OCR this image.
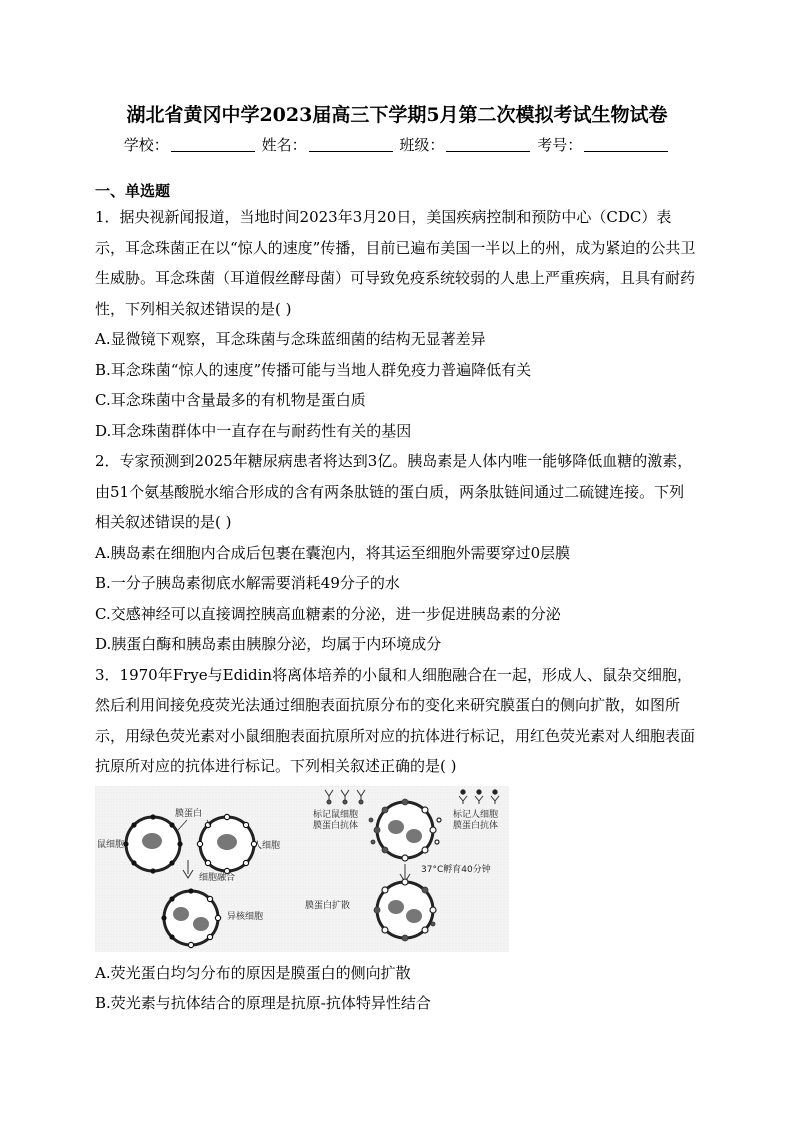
湖北省黄冈中学2023届高三下学期5月第二次模拟考试生物试卷
学校：	姓名：	班级：	考号：
一、单选题

1．据央视新闻报道，当地时间2023年3月20日，美国疾病控制和预防中心（CDC）表示，耳念珠菌正在以“惊人的速度”传播，目前已遍布美国一半以上的州，成为紧迫的公共卫生威胁。耳念珠菌（耳道假丝酵母菌）可导致免疫系统较弱的人患上严重疾病，且具有耐药性，下列相关叙述错误的是( )

A.显微镜下观察，耳念珠菌与念珠蓝细菌的结构无显著差异

B.耳念珠菌“惊人的速度”传播可能与当地人群免疫力普遍降低有关

C.耳念珠菌中含量最多的有机物是蛋白质

D.耳念珠菌群体中一直存在与耐药性有关的基因

2．专家预测到2025年糖尿病患者将达到3亿。胰岛素是人体内唯一能够降低血糖的激素，由51个氨基酸脱水缩合形成的含有两条肽链的蛋白质，两条肽链间通过二硫键连接。下列相关叙述错误的是( )

A.胰岛素在细胞内合成后包裹在囊泡内，将其运至细胞外需要穿过0层膜

B.一分子胰岛素彻底水解需要消耗49分子的水

C.交感神经可以直接调控胰高血糖素的分泌，进一步促进胰岛素的分泌

D.胰蛋白酶和胰岛素由胰腺分泌，均属于内环境成分

3．1970年Frye与Edidin将离体培养的小鼠和人细胞融合在一起，形成人、鼠杂交细胞，然后利用间接免疫荧光法通过细胞表面抗原分布的变化来研究膜蛋白的侧向扩散，如图所示，用绿色荧光素对小鼠细胞表面抗原所对应的抗体进行标记，用红色荧光素对人细胞表面抗原所对应的抗体进行标记。下列相关叙述正确的是( )

膜蛋白
鼠细胞	人细胞
细胞融合
异核细胞
标记鼠细胞
膜蛋白抗体
标记人细胞
膜蛋白抗体
37°C孵育40分钟
膜蛋白扩散

A.荧光蛋白均匀分布的原因是膜蛋白的侧向扩散

B.荧光素与抗体结合的原理是抗原-抗体特异性结合
